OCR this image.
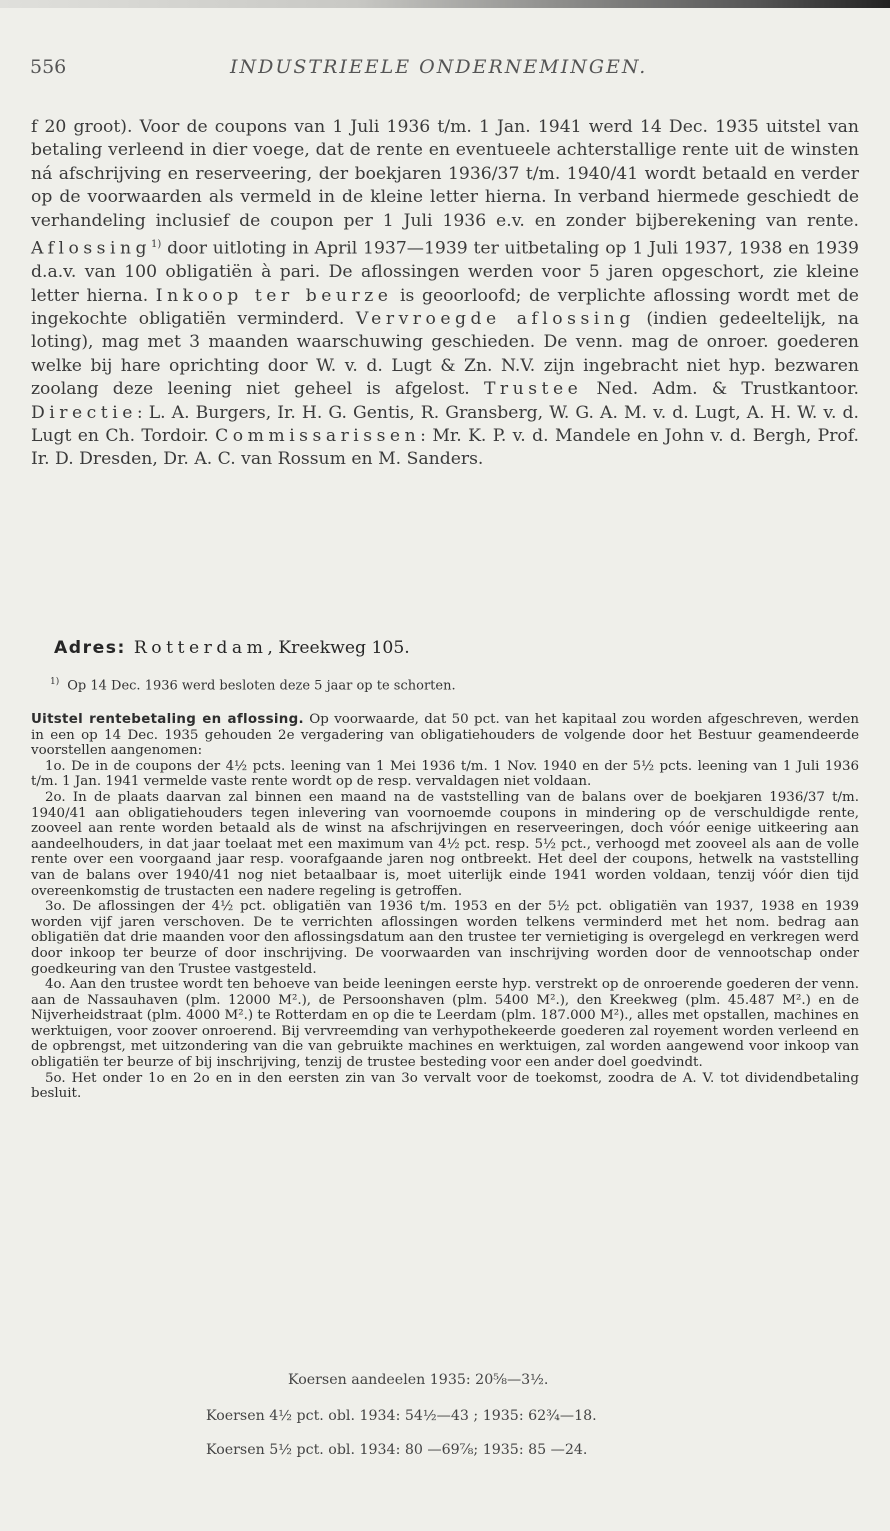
556	INDUSTRIEELE ONDERNEMINGEN.

f 20 groot). Voor de coupons van 1 Juli 1936 t/m. 1 Jan. 1941 werd 14 Dec. 1935 uitstel van betaling verleend in dier voege, dat de rente en eventueele achterstallige rente uit de winsten ná afschrijving en reserveering, der boekjaren 1936/37 t/m. 1940/41 wordt betaald en verder op de voorwaarden als vermeld in de kleine letter hierna. In verband hiermede geschiedt de verhandeling inclusief de coupon per 1 Juli 1936 e.v. en zonder bijberekening van rente. Aflossing$^{1)}$ door uitloting in April 1937—1939 ter uitbetaling op 1 Juli 1937, 1938 en 1939 d.a.v. van 100 obligatiën à pari. De aflossingen werden voor 5 jaren opgeschort, zie kleine letter hierna. Inkoop ter beurze is geoorloofd; de verplichte aflossing wordt met de ingekochte obligatiën verminderd. Vervroegde aflossing (indien gedeeltelijk, na loting), mag met 3 maanden waarschuwing geschieden. De venn. mag de onroer. goederen welke bij hare oprichting door W. v. d. Lugt & Zn. N.V. zijn ingebracht niet hyp. bezwaren zoolang deze leening niet geheel is afgelost. Trustee Ned. Adm. & Trustkantoor. Directie: L. A. Burgers, Ir. H. G. Gentis, R. Gransberg, W. G. A. M. v. d. Lugt, A. H. W. v. d. Lugt en Ch. Tordoir. Commissarissen: Mr. K. P. v. d. Mandele en John v. d. Bergh, Prof. Ir. D. Dresden, Dr. A. C. van Rossum en M. Sanders.

Adres: Rotterdam, Kreekweg 105.
$^{1)}$ Op 14 Dec. 1936 werd besloten deze 5 jaar op te schorten.

Uitstel rentebetaling en aflossing. Op voorwaarde, dat 50 pct. van het kapitaal zou worden afgeschreven, werden in een op 14 Dec. 1935 gehouden 2e vergadering van obligatiehouders de volgende door het Bestuur geamendeerde voorstellen aangenomen:

1o. De in de coupons der 4½ pcts. leening van 1 Mei 1936 t/m. 1 Nov. 1940 en der 5½ pcts. leening van 1 Juli 1936 t/m. 1 Jan. 1941 vermelde vaste rente wordt op de resp. vervaldagen niet voldaan.

2o. In de plaats daarvan zal binnen een maand na de vaststelling van de balans over de boekjaren 1936/37 t/m. 1940/41 aan obligatiehouders tegen inlevering van voornoemde coupons in mindering op de verschuldigde rente, zooveel aan rente worden betaald als de winst na afschrijvingen en reserveeringen, doch vóór eenige uitkeering aan aandeelhouders, in dat jaar toelaat met een maximum van 4½ pct. resp. 5½ pct., verhoogd met zooveel als aan de volle rente over een voorgaand jaar resp. voorafgaande jaren nog ontbreekt. Het deel der coupons, hetwelk na vaststelling van de balans over 1940/41 nog niet betaalbaar is, moet uiterlijk einde 1941 worden voldaan, tenzij vóór dien tijd overeenkomstig de trustacten een nadere regeling is getroffen.

3o. De aflossingen der 4½ pct. obligatiën van 1936 t/m. 1953 en der 5½ pct. obligatiën van 1937, 1938 en 1939 worden vijf jaren verschoven. De te verrichten aflossingen worden telkens verminderd met het nom. bedrag aan obligatiën dat drie maanden voor den aflossingsdatum aan den trustee ter vernietiging is overgelegd en verkregen werd door inkoop ter beurze of door inschrijving. De voorwaarden van inschrijving worden door de vennootschap onder goedkeuring van den Trustee vastgesteld.

4o. Aan den trustee wordt ten behoeve van beide leeningen eerste hyp. verstrekt op de onroerende goederen der venn. aan de Nassauhaven (plm. 12000 M².), de Persoonshaven (plm. 5400 M².), den Kreekweg (plm. 45.487 M².) en de Nijverheidstraat (plm. 4000 M².) te Rotterdam en op die te Leerdam (plm. 187.000 M²)., alles met opstallen, machines en werktuigen, voor zoover onroerend. Bij vervreemding van verhypothekeerde goederen zal royement worden verleend en de opbrengst, met uitzondering van die van gebruikte machines en werktuigen, zal worden aangewend voor inkoop van obligatiën ter beurze of bij inschrijving, tenzij de trustee besteding voor een ander doel goedvindt.

5o. Het onder 1o en 2o en in den eersten zin van 3o vervalt voor de toekomst, zoodra de A. V. tot dividendbetaling besluit.

Koersen aandeelen 1935: 20⅝—3½.
Koersen 4½ pct. obl. 1934: 54½—43 ; 1935: 62¾—18.
Koersen 5½ pct. obl. 1934: 80 —69⅞; 1935: 85 —24.
